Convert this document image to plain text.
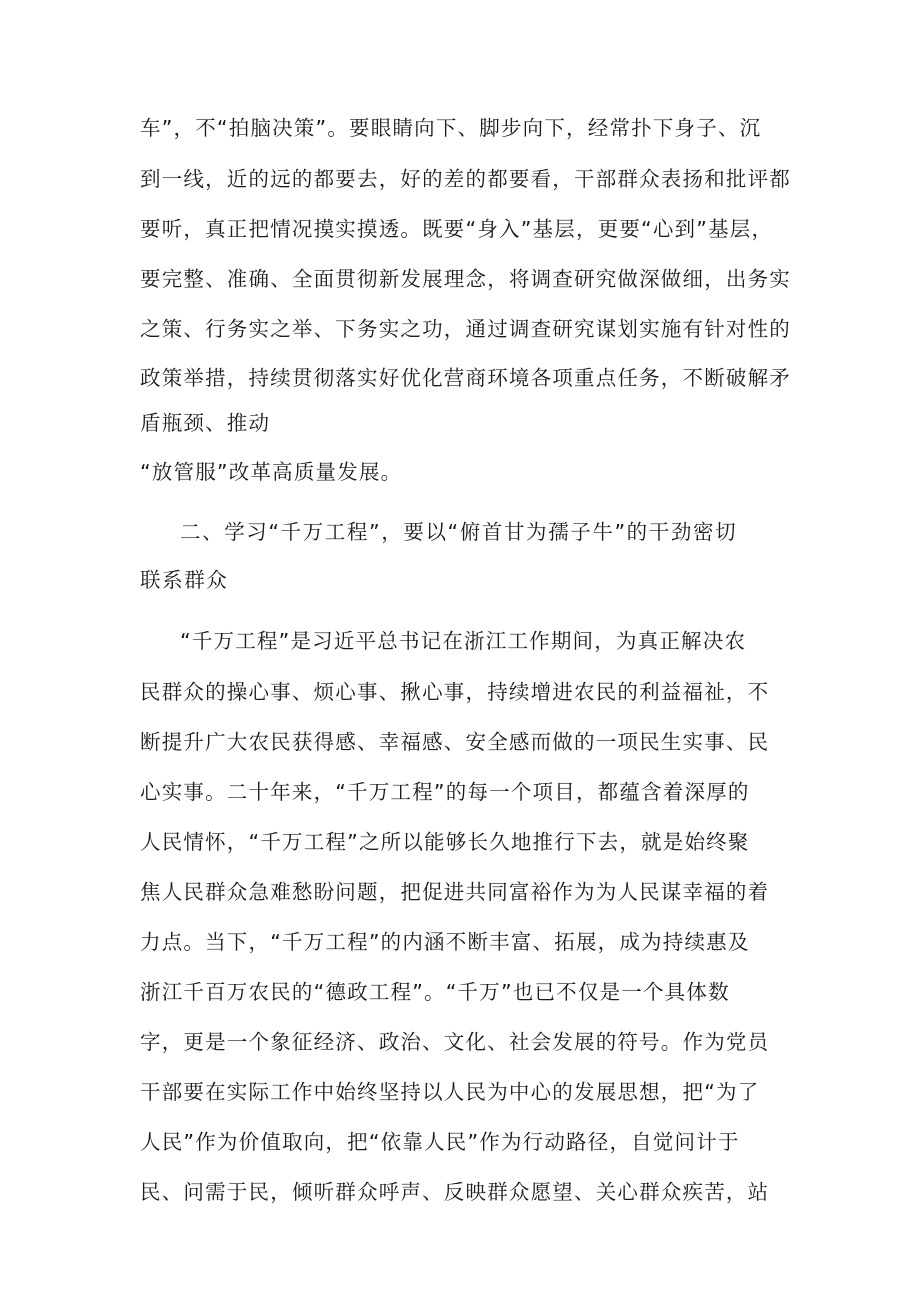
车”，不“拍脑决策”。要眼睛向下、脚步向下，经常扑下身子、沉
到一线，近的远的都要去，好的差的都要看，干部群众表扬和批评都
要听，真正把情况摸实摸透。既要“身入”基层，更要“心到”基层，
要完整、准确、全面贯彻新发展理念，将调查研究做深做细，出务实
之策、行务实之举、下务实之功，通过调查研究谋划实施有针对性的
政策举措，持续贯彻落实好优化营商环境各项重点任务，不断破解矛
盾瓶颈、推动
“放管服”改革高质量发展。
二、学习“千万工程”，要以“俯首甘为孺子牛”的干劲密切
联系群众
“千万工程”是习近平总书记在浙江工作期间，为真正解决农
民群众的操心事、烦心事、揪心事，持续增进农民的利益福祉，不
断提升广大农民获得感、幸福感、安全感而做的一项民生实事、民
心实事。二十年来，“千万工程”的每一个项目，都蕴含着深厚的
人民情怀，“千万工程”之所以能够长久地推行下去，就是始终聚
焦人民群众急难愁盼问题，把促进共同富裕作为为人民谋幸福的着
力点。当下，“千万工程”的内涵不断丰富、拓展，成为持续惠及
浙江千百万农民的“德政工程”。“千万”也已不仅是一个具体数
字，更是一个象征经济、政治、文化、社会发展的符号。作为党员
干部要在实际工作中始终坚持以人民为中心的发展思想，把“为了
人民”作为价值取向，把“依靠人民”作为行动路径，自觉问计于
民、问需于民，倾听群众呼声、反映群众愿望、关心群众疾苦，站
